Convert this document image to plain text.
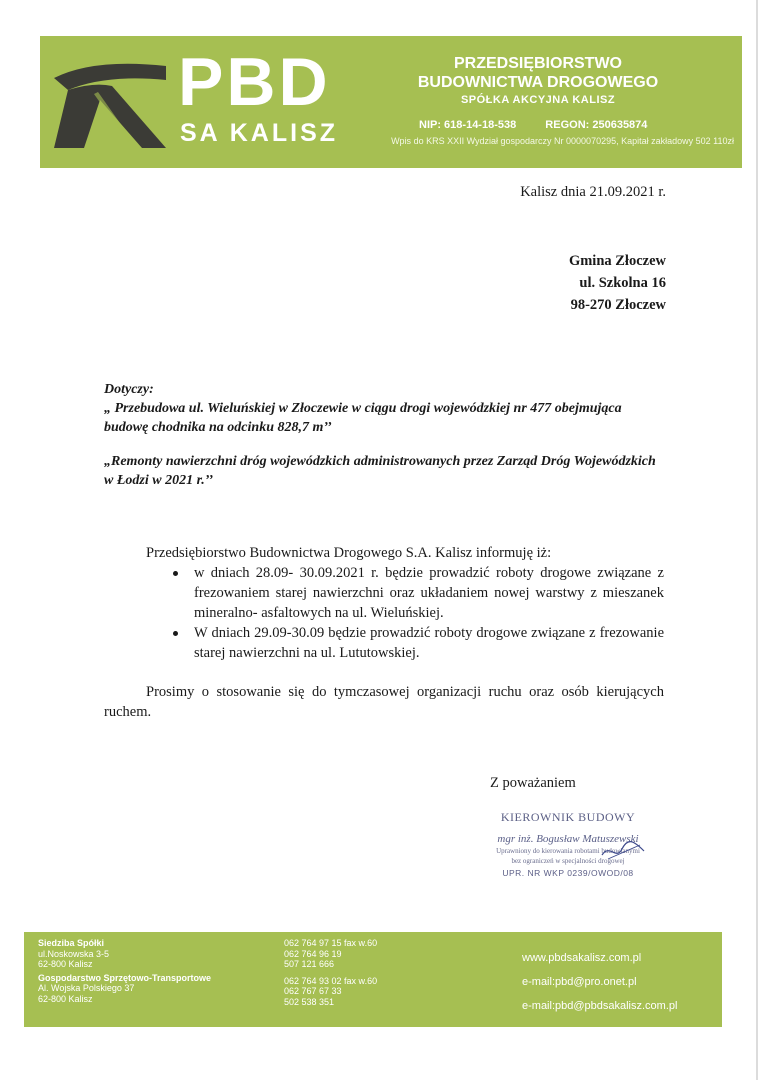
PBD
SA KALISZ
PRZEDSIĘBIORSTWO
BUDOWNICTWA DROGOWEGO
SPÓŁKA AKCYJNA KALISZ
NIP: 618-14-18-538	REGON: 250635874
Wpis do KRS XXII Wydział gospodarczy Nr 0000070295, Kapitał zakładowy 502 110zł
Kalisz dnia 21.09.2021 r.
Gmina Złoczew
ul. Szkolna 16
98-270 Złoczew

Dotyczy:

„ Przebudowa ul. Wieluńskiej w Złoczewie w ciągu drogi wojewódzkiej nr 477 obejmująca budowę chodnika na odcinku 828,7 m’’

„Remonty nawierzchni dróg wojewódzkich administrowanych przez Zarząd Dróg Wojewódzkich w Łodzi w 2021 r.’’

Przedsiębiorstwo Budownictwa Drogowego S.A. Kalisz informuję iż:
w dniach 28.09- 30.09.2021 r. będzie prowadzić roboty drogowe związane z frezowaniem starej nawierzchni oraz układaniem nowej warstwy z mieszanek mineralno- asfaltowych na ul. Wieluńskiej.
W dniach 29.09-30.09 będzie prowadzić roboty drogowe związane z frezowanie starej nawierzchni na ul. Lututowskiej.
Prosimy o stosowanie się do tymczasowej organizacji ruchu oraz osób kierujących ruchem.
Z poważaniem
KIEROWNIK BUDOWY
mgr inż. Bogusław Matuszewski
Uprawniony do kierowania robotami budowlanymi
bez ograniczeń w specjalności drogowej
UPR. NR WKP 0239/OWOD/08
Siedziba Spółki
ul.Noskowska 3-5
62-800 Kalisz
Gospodarstwo Sprzętowo-Transportowe
Al. Wojska Polskiego 37
62-800 Kalisz
062 764 97 15 fax w.60
062 764 96 19
507 121 666
062 764 93 02 fax w.60
062 767 67 33
502 538 351
www.pbdsakalisz.com.pl
e-mail:pbd@pro.onet.pl
e-mail:pbd@pbdsakalisz.com.pl
